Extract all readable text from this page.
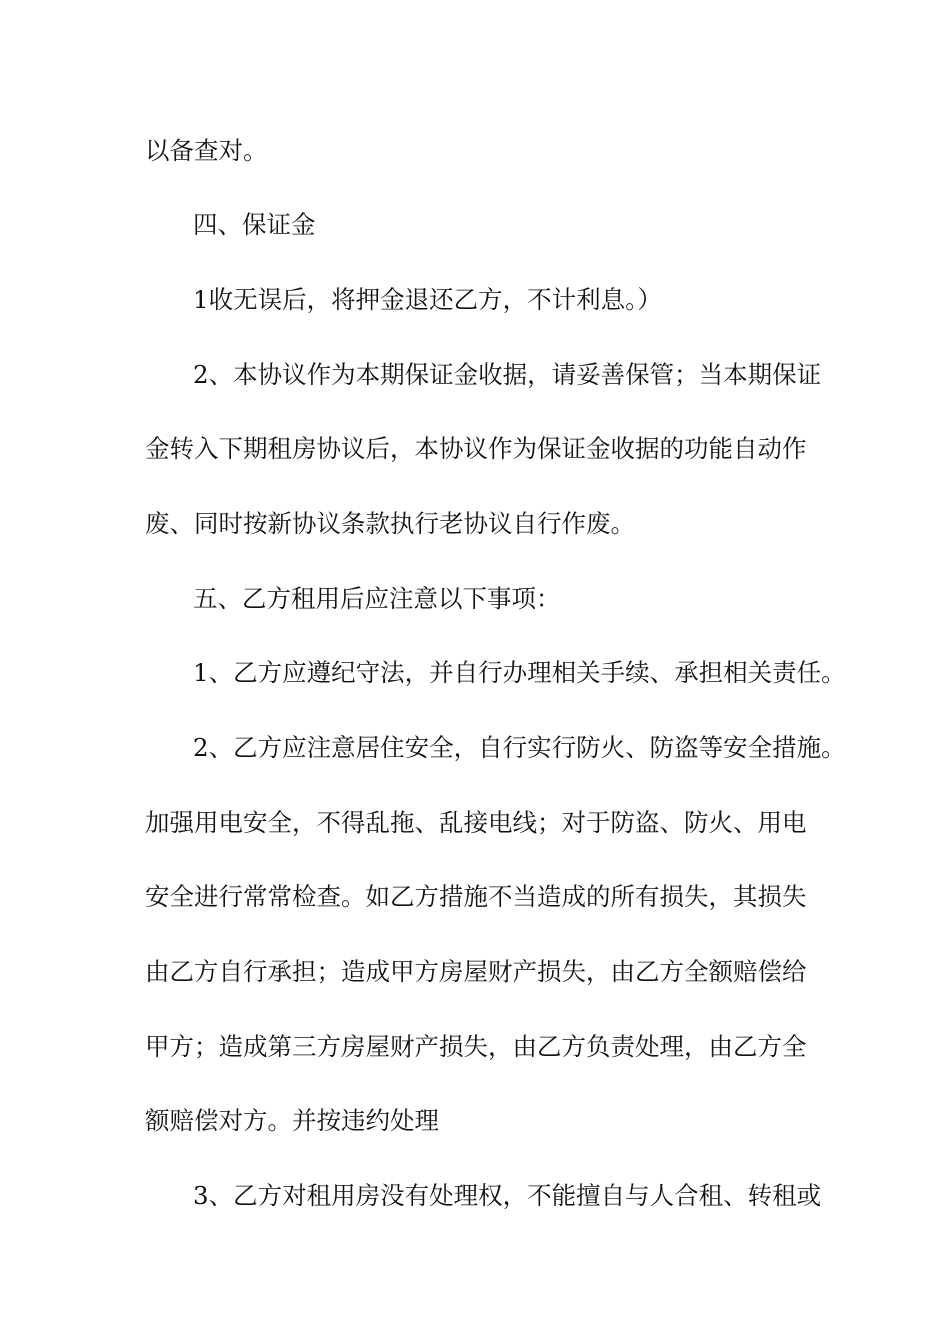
以备查对。
四、保证金
1收无误后，将押金退还乙方，不计利息。）
2、本协议作为本期保证金收据，请妥善保管；当本期保证
金转入下期租房协议后，本协议作为保证金收据的功能自动作
废、同时按新协议条款执行老协议自行作废。
五、乙方租用后应注意以下事项：
1、乙方应遵纪守法，并自行办理相关手续、承担相关责任。
2、乙方应注意居住安全，自行实行防火、防盗等安全措施。
加强用电安全，不得乱拖、乱接电线；对于防盗、防火、用电
安全进行常常检查。如乙方措施不当造成的所有损失，其损失
由乙方自行承担；造成甲方房屋财产损失，由乙方全额赔偿给
甲方；造成第三方房屋财产损失，由乙方负责处理，由乙方全
额赔偿对方。并按违约处理
3、乙方对租用房没有处理权，不能擅自与人合租、转租或
